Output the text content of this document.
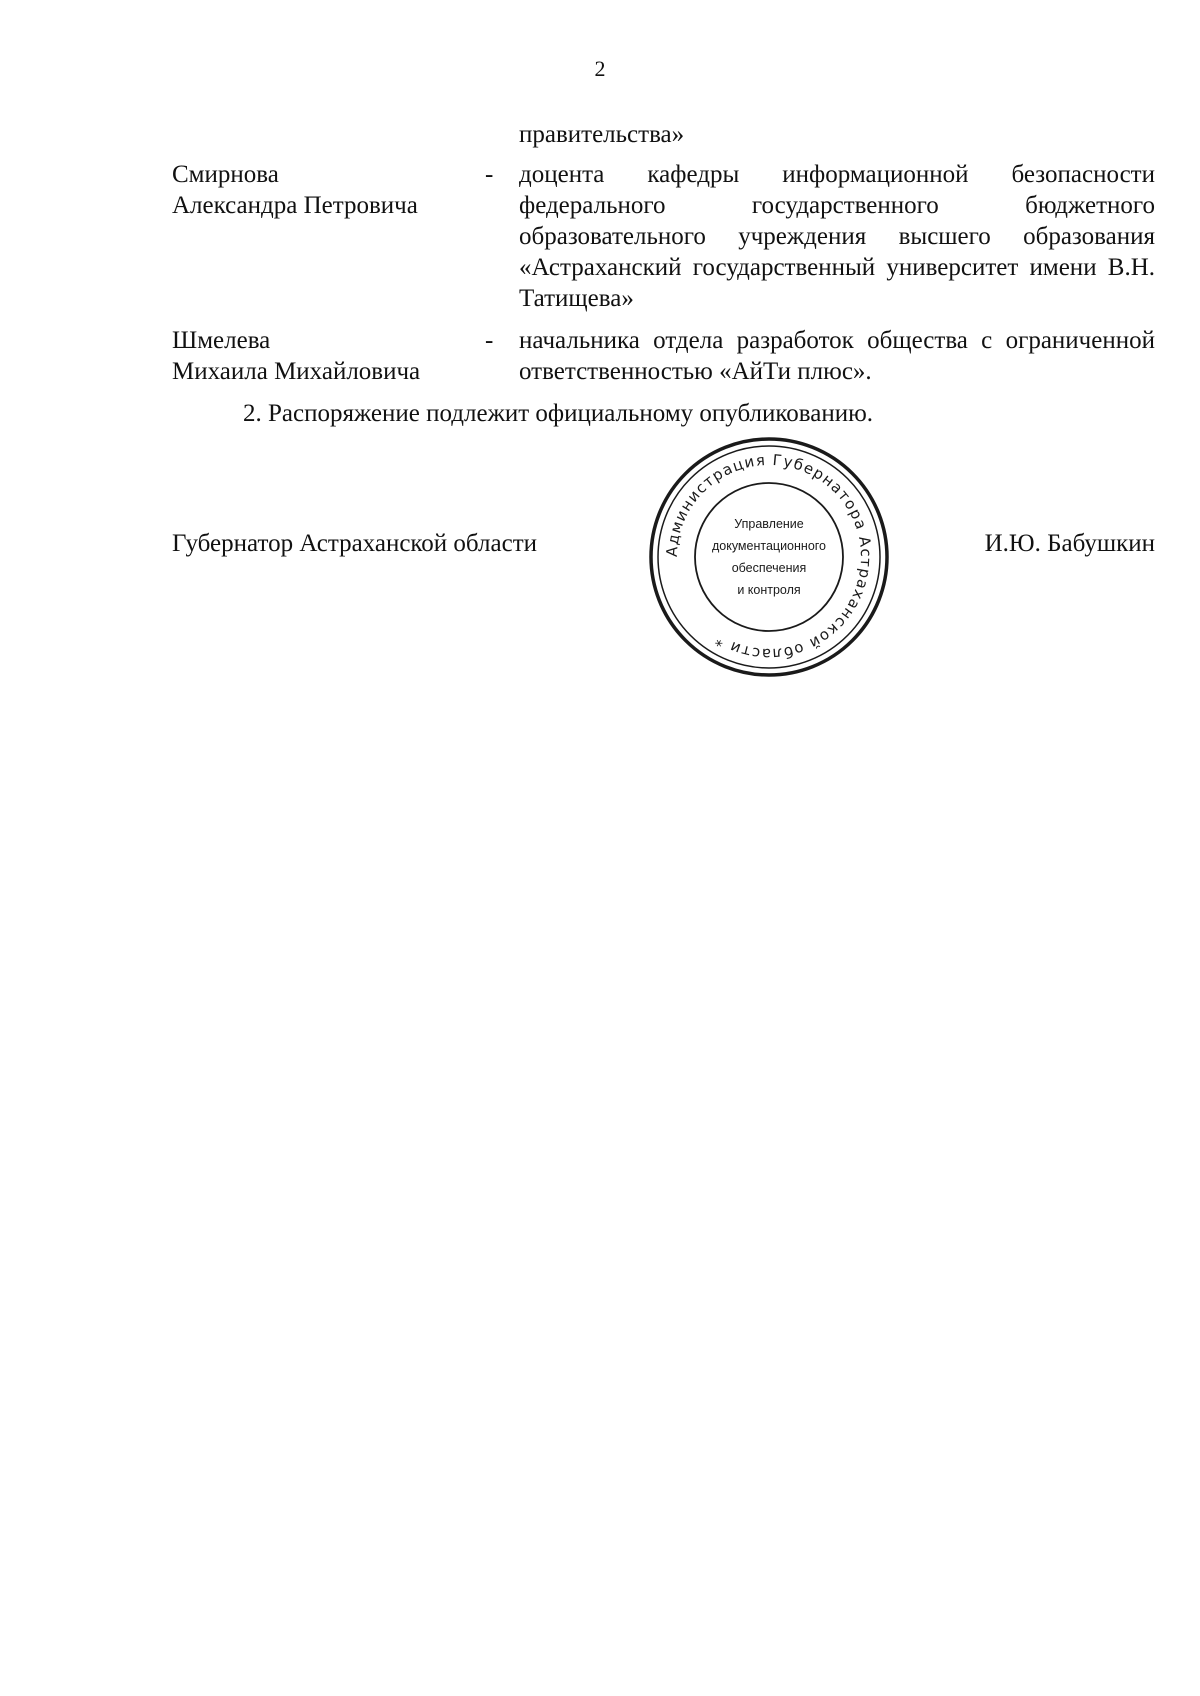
2
правительства»
Смирнова
Александра Петровича
- доцента кафедры информационной безопасности федерального государственного бюджетного образовательного учреждения высшего образования «Астраханский государственный университет имени В.Н. Татищева»
Шмелева
Михаила Михайловича
- начальника отдела разработок общества с ограниченной ответственностью «АйТи плюс».
2. Распоряжение подлежит официальному опубликованию.
Губернатор Астраханской области	Администрация Губернатора Астраханской области *
Управление
документационного
обеспечения
и контроля
И.Ю. Бабушкин
